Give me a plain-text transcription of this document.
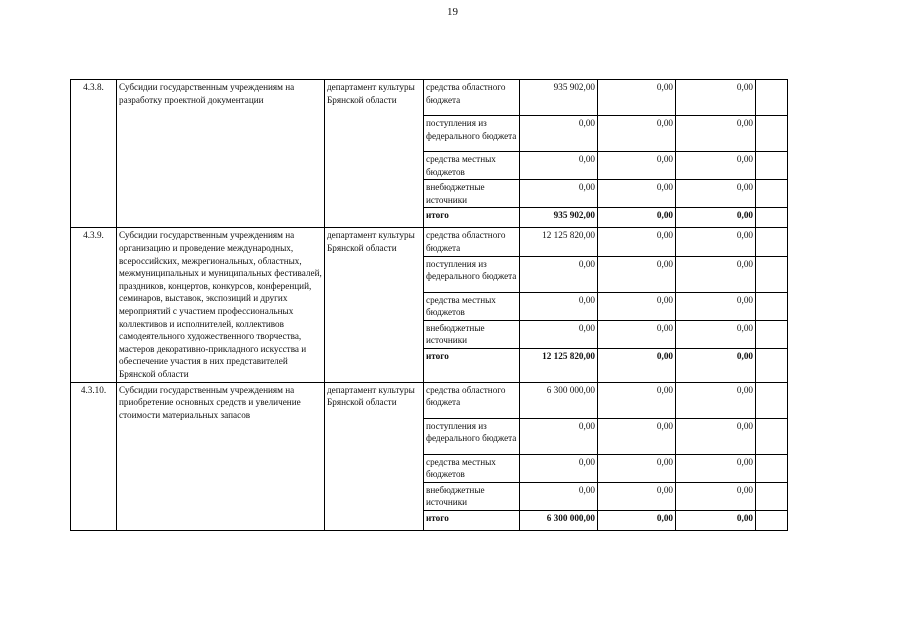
19
4.3.8.	Субсидии государственным учреждениям на разработку проектной документации	департамент культуры Брянской области	средства областного бюджета	935 902,00	0,00	0,00	
			поступления из федерального бюджета	0,00	0,00	0,00	
			средства местных бюджетов	0,00	0,00	0,00	
			внебюджетные источники	0,00	0,00	0,00	
			итого	935 902,00	0,00	0,00	
4.3.9.	Субсидии государственным учреждениям на организацию и проведение международных, всероссийских, межрегиональных, областных, межмуниципальных и муниципальных фестивалей, праздников, концертов, конкурсов, конференций, семинаров, выставок, экспозиций и других мероприятий с участием профессиональных коллективов и исполнителей, коллективов самодеятельного художественного творчества, мастеров декоративно-прикладного искусства и обеспечение участия в них представителей Брянской области	департамент культуры Брянской области	средства областного бюджета	12 125 820,00	0,00	0,00	
			поступления из федерального бюджета	0,00	0,00	0,00	
			средства местных бюджетов	0,00	0,00	0,00	
			внебюджетные источники	0,00	0,00	0,00	
			итого	12 125 820,00	0,00	0,00	
4.3.10.	Субсидии государственным учреждениям на приобретение основных средств и увеличение стоимости материальных запасов	департамент культуры Брянской области	средства областного бюджета	6 300 000,00	0,00	0,00	
			поступления из федерального бюджета	0,00	0,00	0,00	
			средства местных бюджетов	0,00	0,00	0,00	
			внебюджетные источники	0,00	0,00	0,00	
			итого	6 300 000,00	0,00	0,00	
